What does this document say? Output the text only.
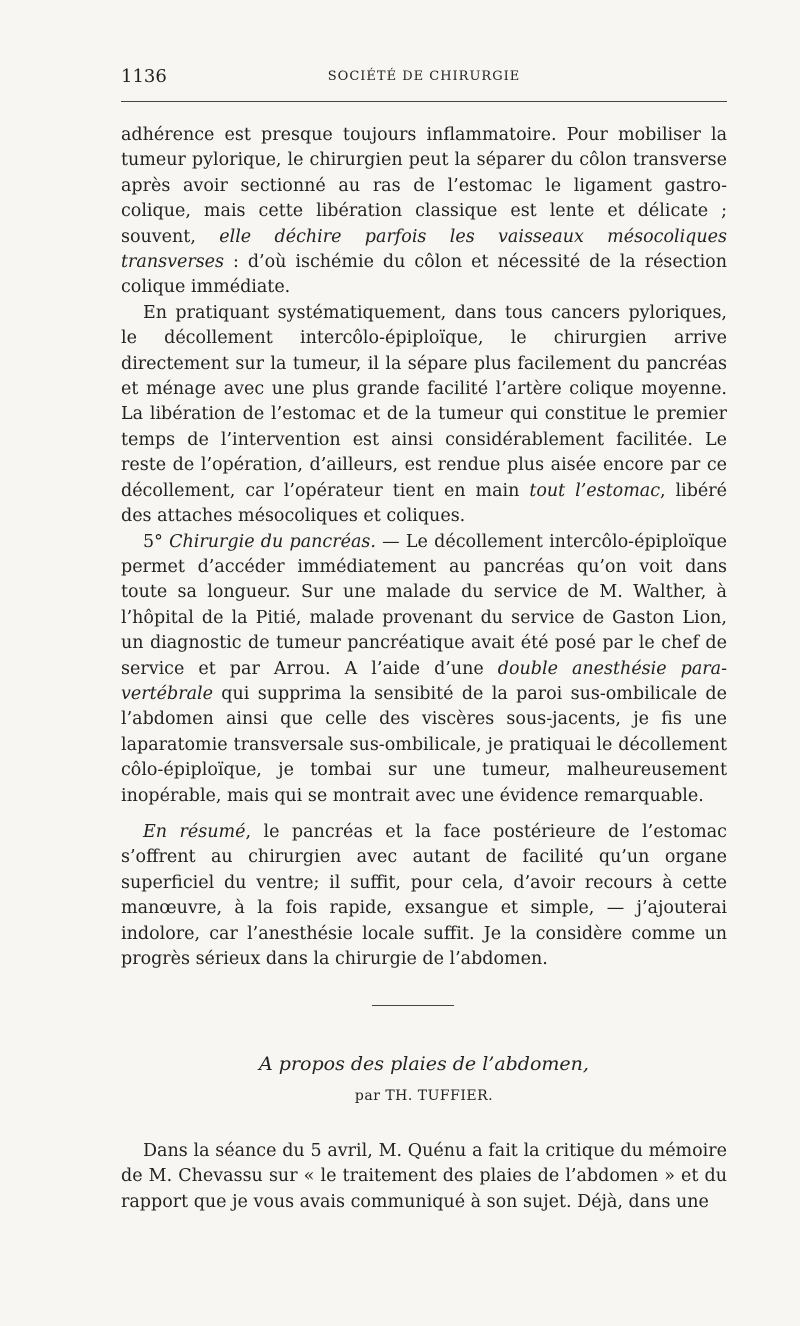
1136	SOCIÉTÉ DE CHIRURGIE

adhérence est presque toujours inflammatoire. Pour mobiliser la tumeur pylorique, le chirurgien peut la séparer du côlon transverse après avoir sectionné au ras de l’estomac le ligament gastro-colique, mais cette libération classique est lente et délicate ; souvent, elle déchire parfois les vaisseaux mésocoliques transverses : d’où ischémie du côlon et nécessité de la résection colique immédiate.

En pratiquant systématiquement, dans tous cancers pyloriques, le décollement intercôlo-épiploïque, le chirurgien arrive directement sur la tumeur, il la sépare plus facilement du pancréas et ménage avec une plus grande facilité l’artère colique moyenne. La libération de l’estomac et de la tumeur qui constitue le premier temps de l’intervention est ainsi considérablement facilitée. Le reste de l’opération, d’ailleurs, est rendue plus aisée encore par ce décollement, car l’opérateur tient en main tout l’estomac, libéré des attaches mésocoliques et coliques.

5° Chirurgie du pancréas. — Le décollement intercôlo-épiploïque permet d’accéder immédiatement au pancréas qu’on voit dans toute sa longueur. Sur une malade du service de M. Walther, à l’hôpital de la Pitié, malade provenant du service de Gaston Lion, un diagnostic de tumeur pancréatique avait été posé par le chef de service et par Arrou. A l’aide d’une double anesthésie para-vertébrale qui supprima la sensibité de la paroi sus-ombilicale de l’abdomen ainsi que celle des viscères sous-jacents, je fis une laparatomie transversale sus-ombilicale, je pratiquai le décollement côlo-épiploïque, je tombai sur une tumeur, malheureusement inopérable, mais qui se montrait avec une évidence remarquable.

En résumé, le pancréas et la face postérieure de l’estomac s’offrent au chirurgien avec autant de facilité qu’un organe superficiel du ventre; il suffit, pour cela, d’avoir recours à cette manœuvre, à la fois rapide, exsangue et simple, — j’ajouterai indolore, car l’anesthésie locale suffit. Je la considère comme un progrès sérieux dans la chirurgie de l’abdomen.

A propos des plaies de l’abdomen,
par TH. TUFFIER.

Dans la séance du 5 avril, M. Quénu a fait la critique du mémoire de M. Chevassu sur « le traitement des plaies de l’abdomen » et du rapport que je vous avais communiqué à son sujet. Déjà, dans une
